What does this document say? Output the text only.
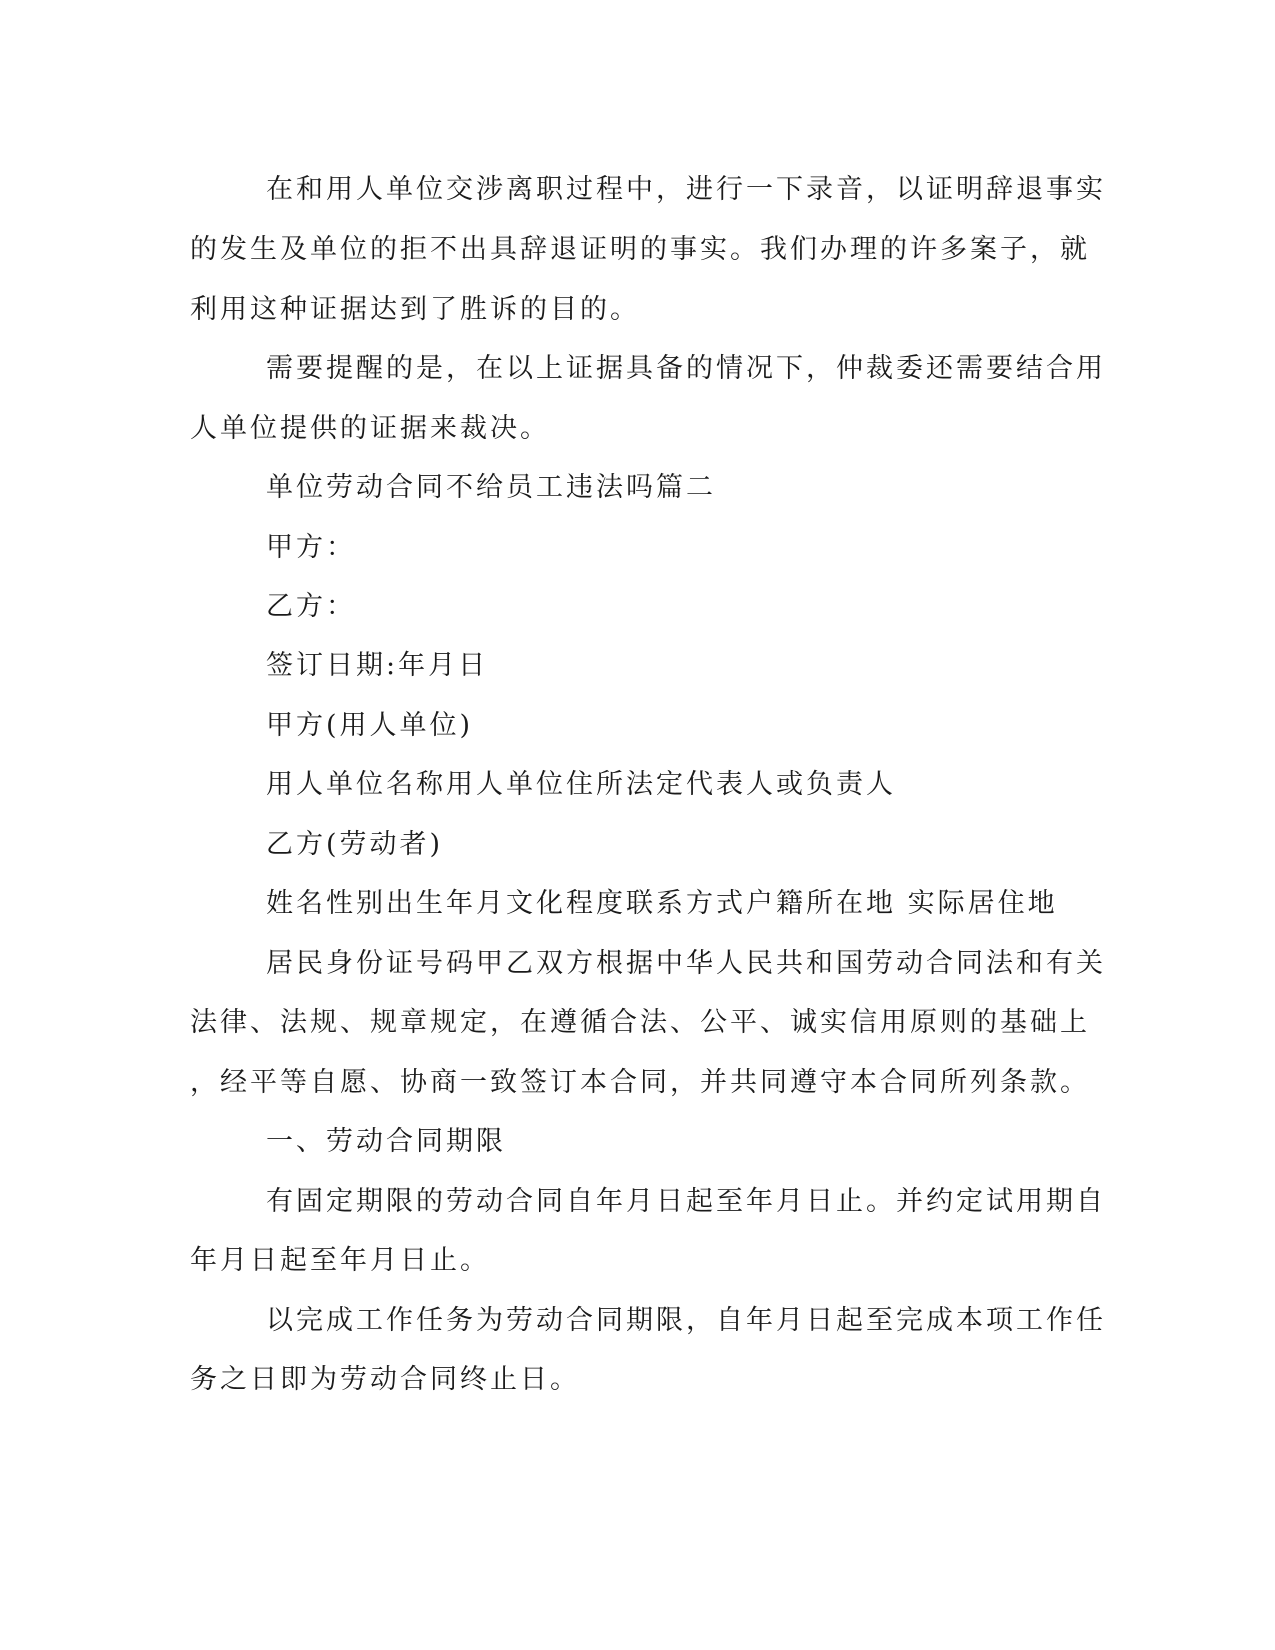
在和用人单位交涉离职过程中，进行一下录音，以证明辞退事实

的发生及单位的拒不出具辞退证明的事实。我们办理的许多案子，就

利用这种证据达到了胜诉的目的。

需要提醒的是，在以上证据具备的情况下，仲裁委还需要结合用

人单位提供的证据来裁决。

单位劳动合同不给员工违法吗篇二

甲方：

乙方：

签订日期:年月日

甲方(用人单位)

用人单位名称用人单位住所法定代表人或负责人

乙方(劳动者)

姓名性别出生年月文化程度联系方式户籍所在地 实际居住地

居民身份证号码甲乙双方根据中华人民共和国劳动合同法和有关

法律、法规、规章规定，在遵循合法、公平、诚实信用原则的基础上

，经平等自愿、协商一致签订本合同，并共同遵守本合同所列条款。

一、劳动合同期限

有固定期限的劳动合同自年月日起至年月日止。并约定试用期自

年月日起至年月日止。

以完成工作任务为劳动合同期限，自年月日起至完成本项工作任

务之日即为劳动合同终止日。
